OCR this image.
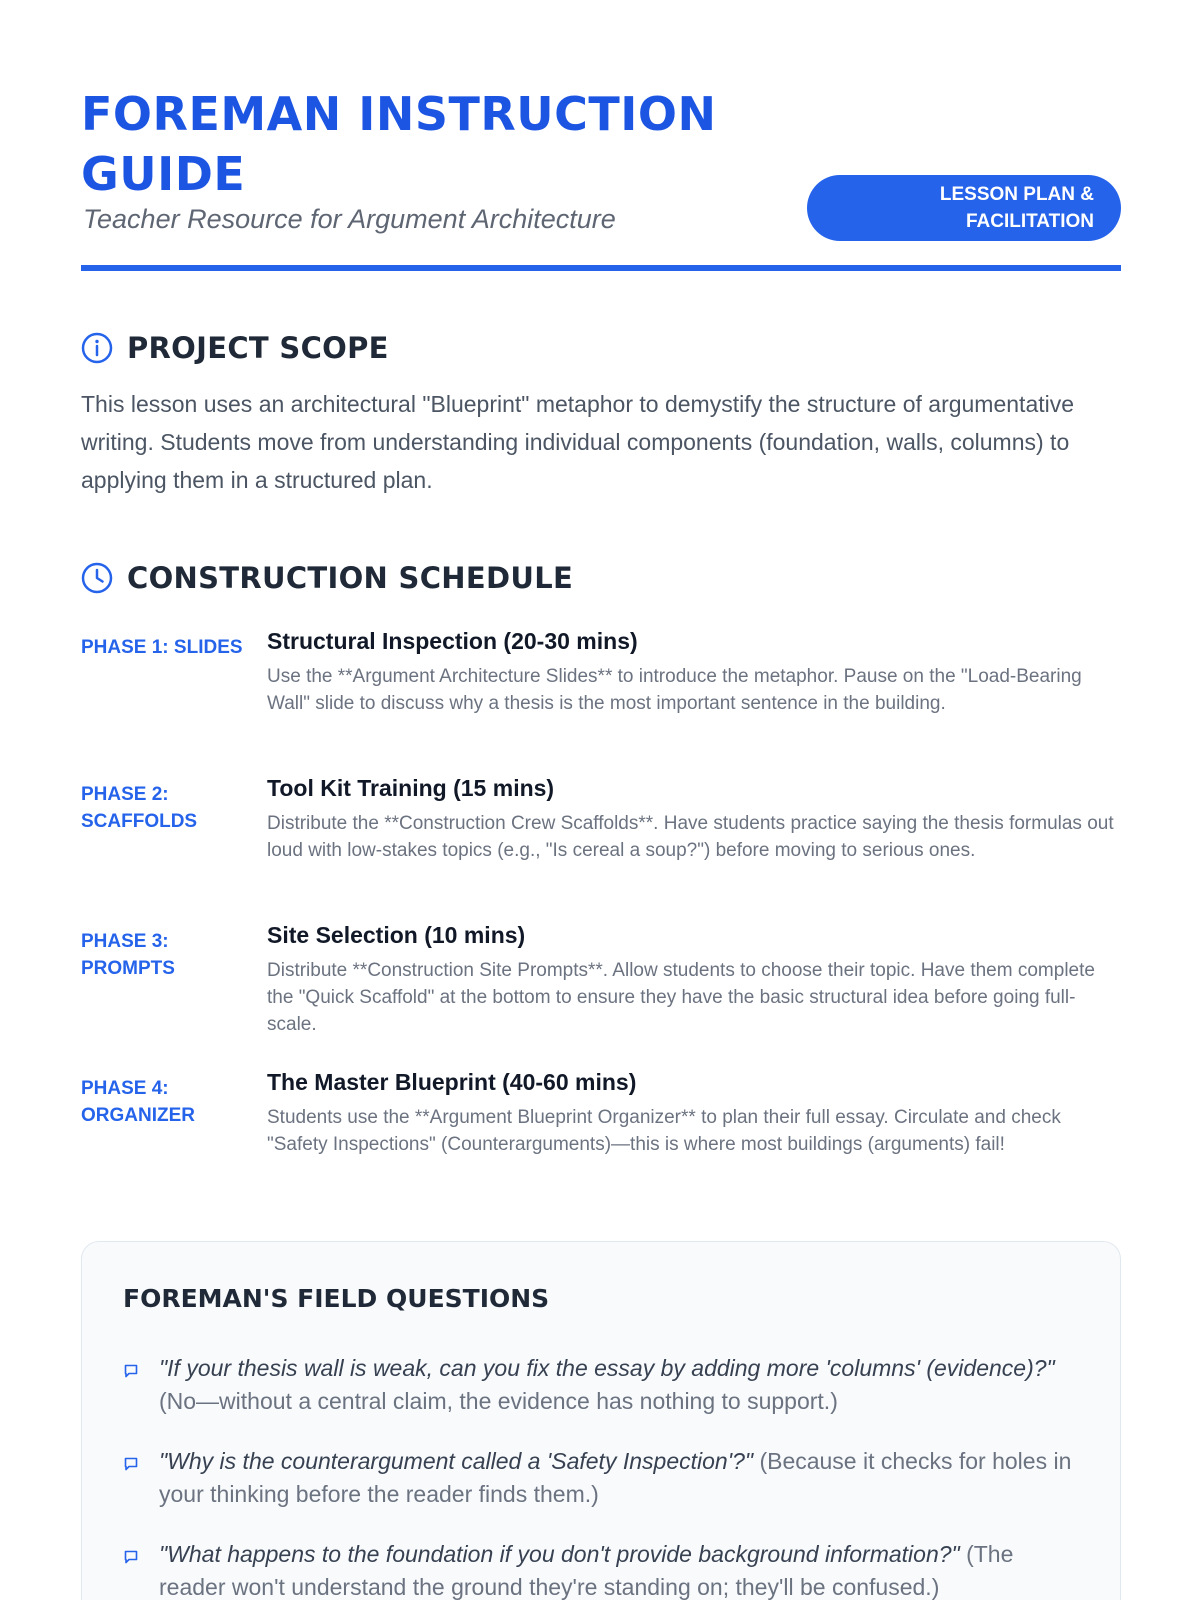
FOREMAN INSTRUCTION GUIDE

Teacher Resource for Argument Architecture

LESSON PLAN & FACILITATION
PROJECT SCOPE

This lesson uses an architectural "Blueprint" metaphor to demystify the structure of argumentative writing. Students move from understanding individual components (foundation, walls, columns) to applying them in a structured plan.

CONSTRUCTION SCHEDULE
PHASE 1: SLIDES	Structural Inspection (20-30 mins)

Use the **Argument Architecture Slides** to introduce the metaphor. Pause on the "Load-Bearing Wall" slide to discuss why a thesis is the most important sentence in the building.

PHASE 2: SCAFFOLDS

Tool Kit Training (15 mins)

Distribute the **Construction Crew Scaffolds**. Have students practice saying the thesis formulas out loud with low-stakes topics (e.g., "Is cereal a soup?") before moving to serious ones.

PHASE 3: PROMPTS

Site Selection (10 mins)

Distribute **Construction Site Prompts**. Allow students to choose their topic. Have them complete the "Quick Scaffold" at the bottom to ensure they have the basic structural idea before going full-scale.

PHASE 4: ORGANIZER

The Master Blueprint (40-60 mins)

Students use the **Argument Blueprint Organizer** to plan their full essay. Circulate and check "Safety Inspections" (Counterarguments)—this is where most buildings (arguments) fail!

FOREMAN'S FIELD QUESTIONS

"If your thesis wall is weak, can you fix the essay by adding more 'columns' (evidence)?" (No—without a central claim, the evidence has nothing to support.)

"Why is the counterargument called a 'Safety Inspection'?" (Because it checks for holes in your thinking before the reader finds them.)

"What happens to the foundation if you don't provide background information?" (The reader won't understand the ground they're standing on; they'll be confused.)
